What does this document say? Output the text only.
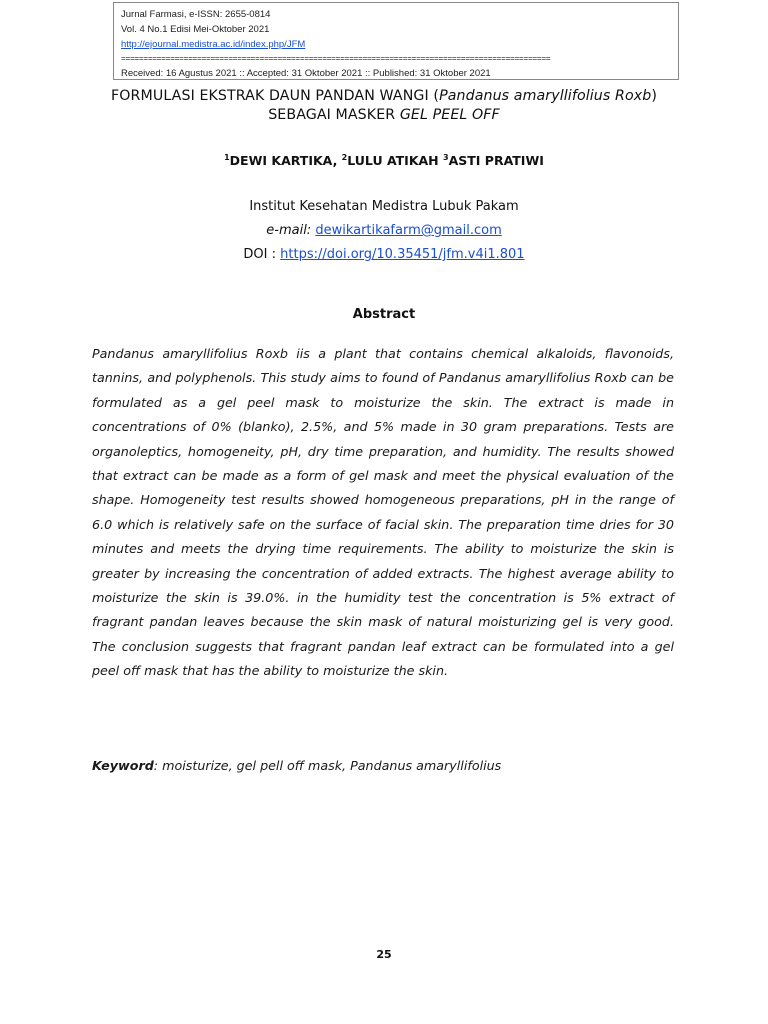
Jurnal Farmasi, e-ISSN: 2655-0814
Vol. 4 No.1 Edisi Mei-Oktober 2021
http://ejournal.medistra.ac.id/index.php/JFM
================================================================================================
Received: 16 Agustus 2021 :: Accepted: 31 Oktober 2021 :: Published: 31 Oktober 2021
FORMULASI EKSTRAK DAUN PANDAN WANGI (Pandanus amaryllifolius Roxb) SEBAGAI MASKER GEL PEEL OFF
$^1$DEWI KARTIKA, $^2$LULU ATIKAH $^3$ASTI PRATIWI
Institut Kesehatan Medistra Lubuk Pakam
e-mail: dewikartikafarm@gmail.com
DOI : https://doi.org/10.35451/jfm.v4i1.801
Abstract
Pandanus amaryllifolius Roxb iis a plant that contains chemical alkaloids, flavonoids, tannins, and polyphenols. This study aims to found of Pandanus amaryllifolius Roxb can be formulated as a gel peel mask to moisturize the skin. The extract is made in concentrations of 0% (blanko), 2.5%, and 5% made in 30 gram preparations. Tests are organoleptics, homogeneity, pH, dry time preparation, and humidity. The results showed that extract can be made as a form of gel mask and meet the physical evaluation of the shape. Homogeneity test results showed homogeneous preparations, pH in the range of 6.0 which is relatively safe on the surface of facial skin. The preparation time dries for 30 minutes and meets the drying time requirements. The ability to moisturize the skin is greater by increasing the concentration of added extracts. The highest average ability to moisturize the skin is 39.0%. in the humidity test the concentration is 5% extract of fragrant pandan leaves because the skin mask of natural moisturizing gel is very good. The conclusion suggests that fragrant pandan leaf extract can be formulated into a gel peel off mask that has the ability to moisturize the skin.
Keyword: moisturize, gel pell off mask, Pandanus amaryllifolius
25
